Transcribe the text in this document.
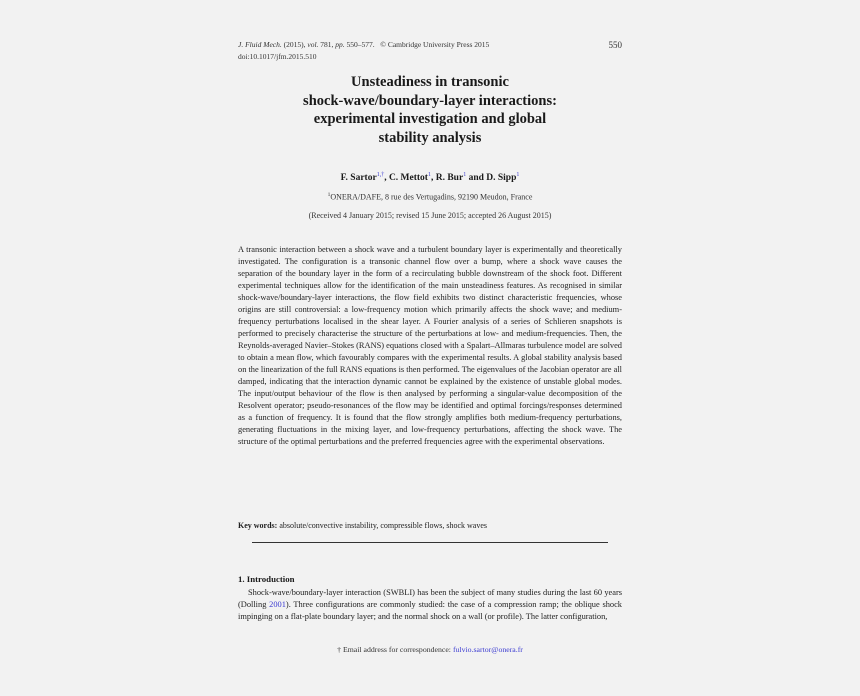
J. Fluid Mech. (2015), vol. 781, pp. 550–577. © Cambridge University Press 2015
doi:10.1017/jfm.2015.510
550
Unsteadiness in transonic
shock-wave/boundary-layer interactions:
experimental investigation and global
stability analysis
F. Sartor$^{1,\dagger}$, C. Mettot$^1$, R. Bur$^1$ and D. Sipp$^1$
$^1$ONERA/DAFE, 8 rue des Vertugadins, 92190 Meudon, France
(Received 4 January 2015; revised 15 June 2015; accepted 26 August 2015)
A transonic interaction between a shock wave and a turbulent boundary layer is experimentally and theoretically investigated. The configuration is a transonic channel flow over a bump, where a shock wave causes the separation of the boundary layer in the form of a recirculating bubble downstream of the shock foot. Different experimental techniques allow for the identification of the main unsteadiness features. As recognised in similar shock-wave/boundary-layer interactions, the flow field exhibits two distinct characteristic frequencies, whose origins are still controversial: a low-frequency motion which primarily affects the shock wave; and medium-frequency perturbations localised in the shear layer. A Fourier analysis of a series of Schlieren snapshots is performed to precisely characterise the structure of the perturbations at low- and medium-frequencies. Then, the Reynolds-averaged Navier–Stokes (RANS) equations closed with a Spalart–Allmaras turbulence model are solved to obtain a mean flow, which favourably compares with the experimental results. A global stability analysis based on the linearization of the full RANS equations is then performed. The eigenvalues of the Jacobian operator are all damped, indicating that the interaction dynamic cannot be explained by the existence of unstable global modes. The input/output behaviour of the flow is then analysed by performing a singular-value decomposition of the Resolvent operator; pseudo-resonances of the flow may be identified and optimal forcings/responses determined as a function of frequency. It is found that the flow strongly amplifies both medium-frequency perturbations, generating fluctuations in the mixing layer, and low-frequency perturbations, affecting the shock wave. The structure of the optimal perturbations and the preferred frequencies agree with the experimental observations.
Key words: absolute/convective instability, compressible flows, shock waves
1. Introduction
Shock-wave/boundary-layer interaction (SWBLI) has been the subject of many studies during the last 60 years (Dolling 2001). Three configurations are commonly studied: the case of a compression ramp; the oblique shock impinging on a flat-plate boundary layer; and the normal shock on a wall (or profile). The latter configuration,
† Email address for correspondence: fulvio.sartor@onera.fr
